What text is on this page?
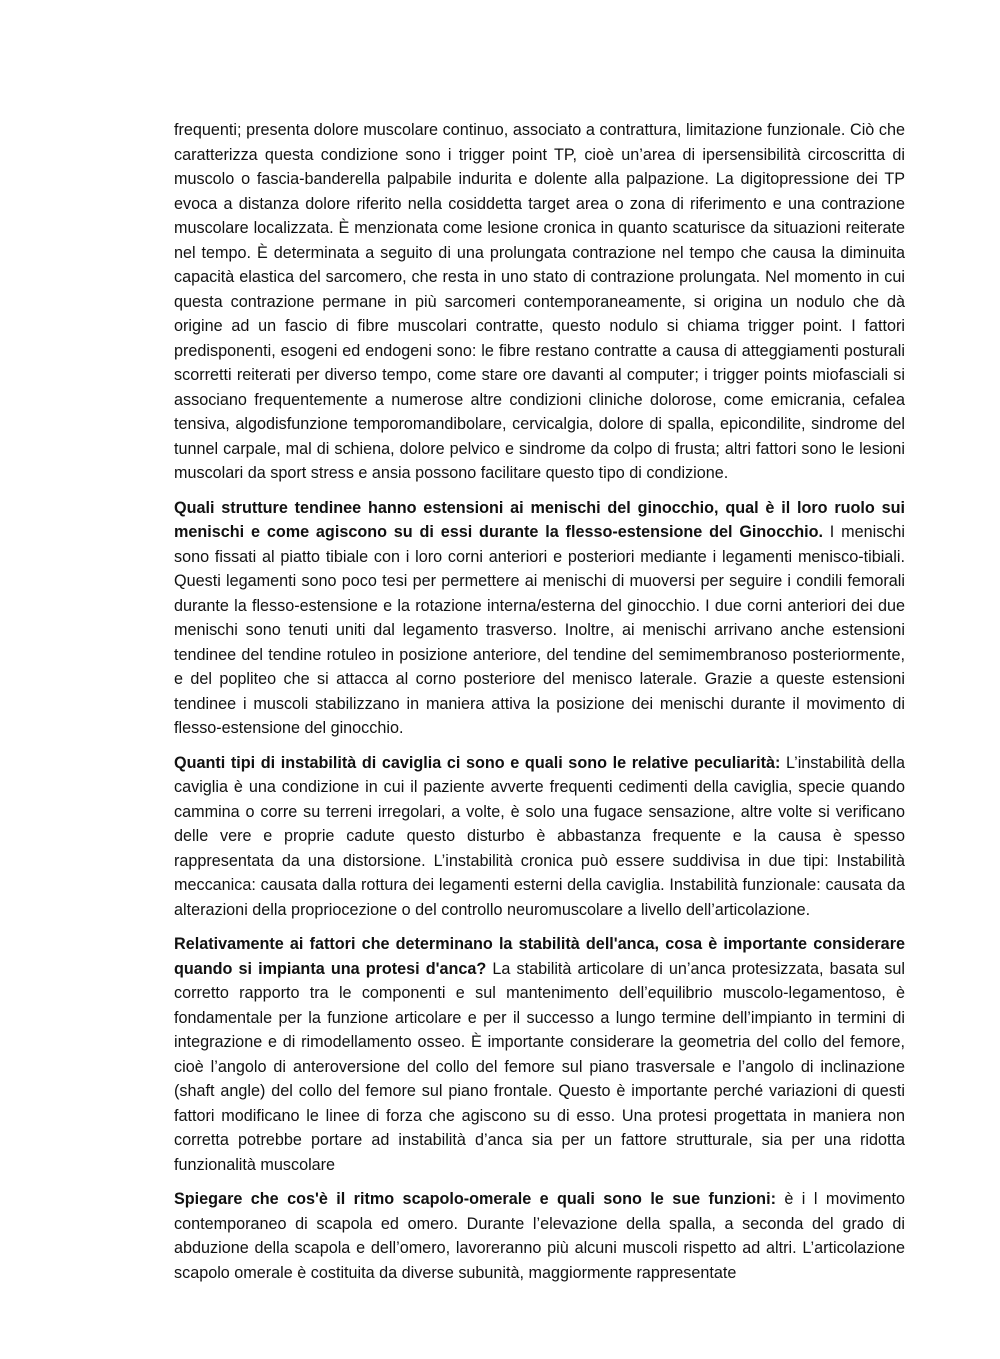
frequenti; presenta dolore muscolare continuo, associato a contrattura, limitazione funzionale. Ciò che caratterizza questa condizione sono i trigger point TP, cioè un’area di ipersensibilità circoscritta di muscolo o fascia-banderella palpabile indurita e dolente alla palpazione. La digitopressione dei TP evoca a distanza dolore riferito nella cosiddetta target area o zona di riferimento e una contrazione muscolare localizzata. È menzionata come lesione cronica in quanto scaturisce da situazioni reiterate nel tempo. È determinata a seguito di una prolungata contrazione nel tempo che causa la diminuita capacità elastica del sarcomero, che resta in uno stato di contrazione prolungata. Nel momento in cui questa contrazione permane in più sarcomeri contemporaneamente, si origina un nodulo che dà origine ad un fascio di fibre muscolari contratte, questo nodulo si chiama trigger point. I fattori predisponenti, esogeni ed endogeni sono: le fibre restano contratte a causa di atteggiamenti posturali scorretti reiterati per diverso tempo, come stare ore davanti al computer; i trigger points miofasciali si associano frequentemente a numerose altre condizioni cliniche dolorose, come emicrania, cefalea tensiva, algodisfunzione temporomandibolare, cervicalgia, dolore di spalla, epicondilite, sindrome del tunnel carpale, mal di schiena, dolore pelvico e sindrome da colpo di frusta; altri fattori sono le lesioni muscolari da sport stress e ansia possono facilitare questo tipo di condizione.

Quali strutture tendinee hanno estensioni ai menischi del ginocchio, qual è il loro ruolo sui menischi e come agiscono su di essi durante la flesso-estensione del Ginocchio. I menischi sono fissati al piatto tibiale con i loro corni anteriori e posteriori mediante i legamenti menisco-tibiali. Questi legamenti sono poco tesi per permettere ai menischi di muoversi per seguire i condili femorali durante la flesso-estensione e la rotazione interna/esterna del ginocchio. I due corni anteriori dei due menischi sono tenuti uniti dal legamento trasverso. Inoltre, ai menischi arrivano anche estensioni tendinee del tendine rotuleo in posizione anteriore, del tendine del semimembranoso posteriormente, e del popliteo che si attacca al corno posteriore del menisco laterale. Grazie a queste estensioni tendinee i muscoli stabilizzano in maniera attiva la posizione dei menischi durante il movimento di flesso-estensione del ginocchio.

Quanti tipi di instabilità di caviglia ci sono e quali sono le relative peculiarità: L’instabilità della caviglia è una condizione in cui il paziente avverte frequenti cedimenti della caviglia, specie quando cammina o corre su terreni irregolari, a volte, è solo una fugace sensazione, altre volte si verificano delle vere e proprie cadute questo disturbo è abbastanza frequente e la causa è spesso rappresentata da una distorsione. L’instabilità cronica può essere suddivisa in due tipi: Instabilità meccanica: causata dalla rottura dei legamenti esterni della caviglia. Instabilità funzionale: causata da alterazioni della propriocezione o del controllo neuromuscolare a livello dell’articolazione.

Relativamente ai fattori che determinano la stabilità dell'anca, cosa è importante considerare quando si impianta una protesi d'anca? La stabilità articolare di un’anca protesizzata, basata sul corretto rapporto tra le componenti e sul mantenimento dell’equilibrio muscolo-legamentoso, è fondamentale per la funzione articolare e per il successo a lungo termine dell’impianto in termini di integrazione e di rimodellamento osseo. È importante considerare la geometria del collo del femore, cioè l’angolo di anteroversione del collo del femore sul piano trasversale e l’angolo di inclinazione (shaft angle) del collo del femore sul piano frontale. Questo è importante perché variazioni di questi fattori modificano le linee di forza che agiscono su di esso. Una protesi progettata in maniera non corretta potrebbe portare ad instabilità d’anca sia per un fattore strutturale, sia per una ridotta funzionalità muscolare

Spiegare che cos'è il ritmo scapolo-omerale e quali sono le sue funzioni: è i l movimento contemporaneo di scapola ed omero. Durante l’elevazione della spalla, a seconda del grado di abduzione della scapola e dell’omero, lavoreranno più alcuni muscoli rispetto ad altri. L’articolazione scapolo omerale è costituita da diverse subunità, maggiormente rappresentate
